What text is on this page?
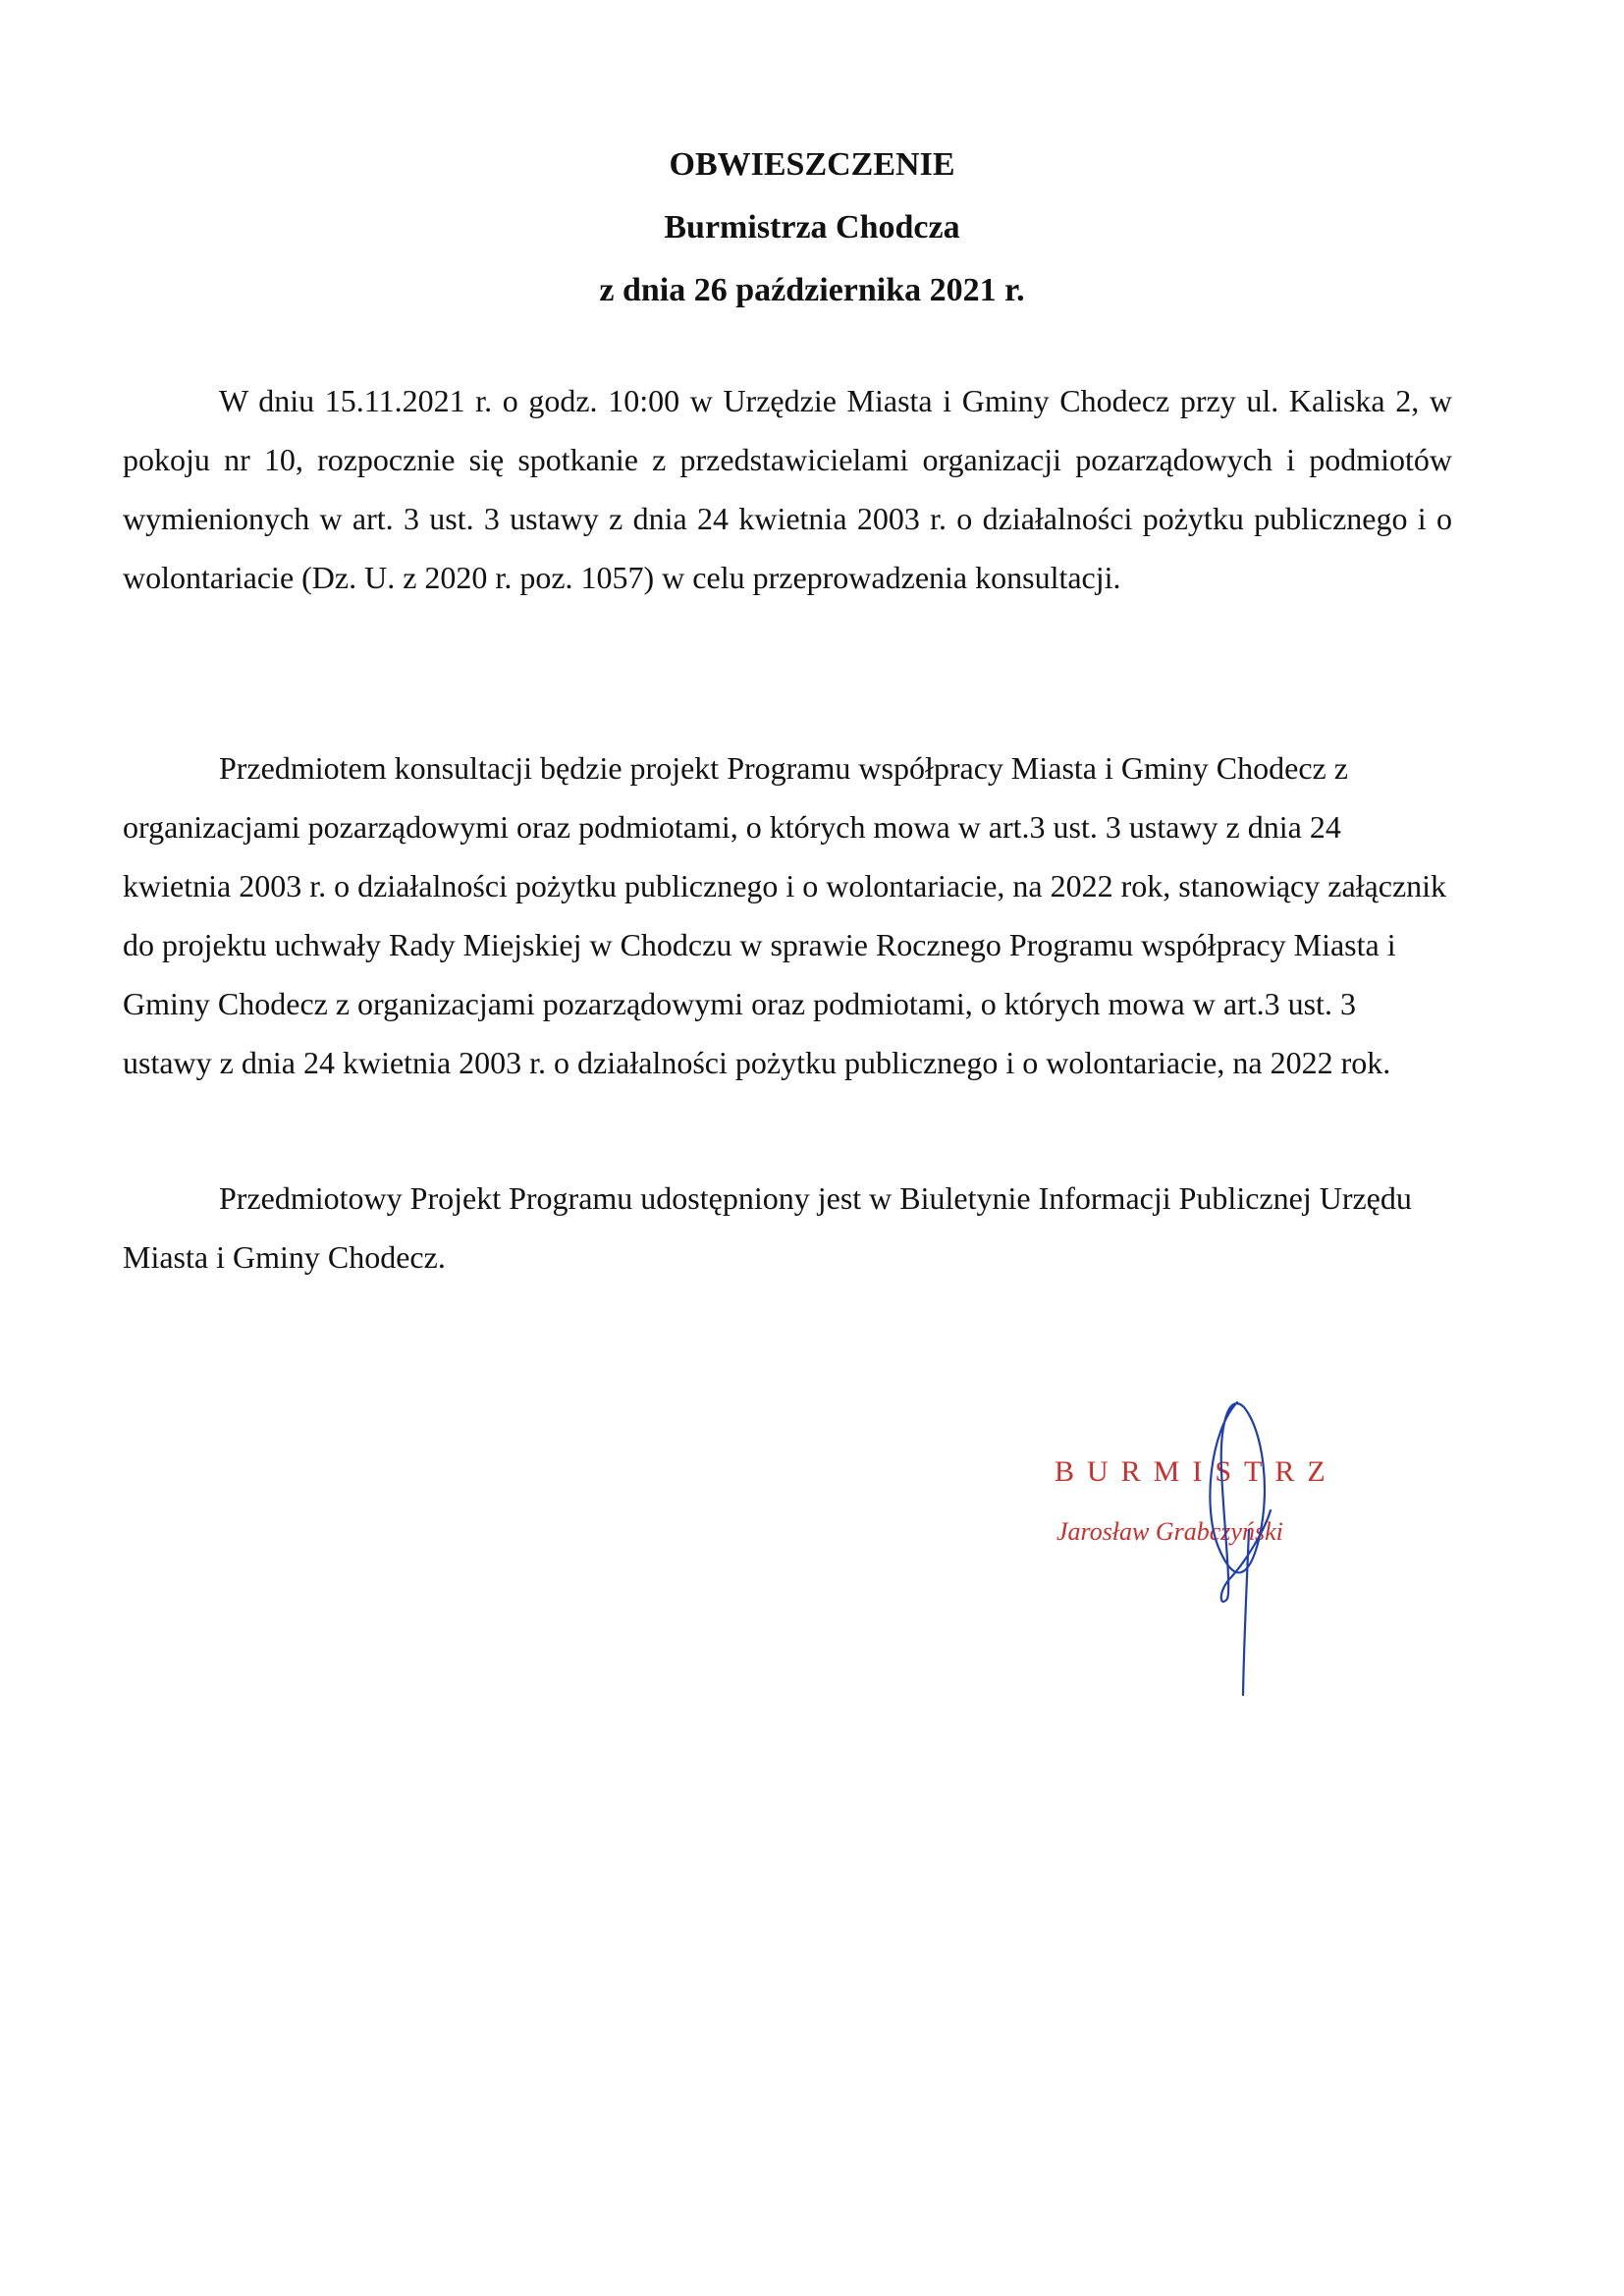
OBWIESZCZENIE
Burmistrza Chodcza
z dnia 26 października 2021 r.

W dniu 15.11.2021 r. o godz. 10:00 w Urzędzie Miasta i Gminy Chodecz przy ul. Kaliska 2, w pokoju nr 10, rozpocznie się spotkanie z przedstawicielami organizacji pozarządowych i podmiotów wymienionych w art. 3 ust. 3 ustawy z dnia 24 kwietnia 2003 r. o działalności pożytku publicznego i o wolontariacie (Dz. U. z 2020 r. poz. 1057) w celu przeprowadzenia konsultacji.

Przedmiotem konsultacji będzie projekt Programu współpracy Miasta i Gminy Chodecz z organizacjami pozarządowymi oraz podmiotami, o których mowa w art.3 ust. 3 ustawy z dnia 24 kwietnia 2003 r. o działalności pożytku publicznego i o wolontariacie, na 2022 rok, stanowiący załącznik do projektu uchwały Rady Miejskiej w Chodczu w sprawie Rocznego Programu współpracy Miasta i Gminy Chodecz z organizacjami pozarządowymi oraz podmiotami, o których mowa w art.3 ust. 3 ustawy z dnia 24 kwietnia 2003 r. o działalności pożytku publicznego i o wolontariacie, na 2022 rok.

Przedmiotowy Projekt Programu udostępniony jest w Biuletynie Informacji Publicznej Urzędu Miasta i Gminy Chodecz.

BURMISTRZ
Jarosław Grabczyński
